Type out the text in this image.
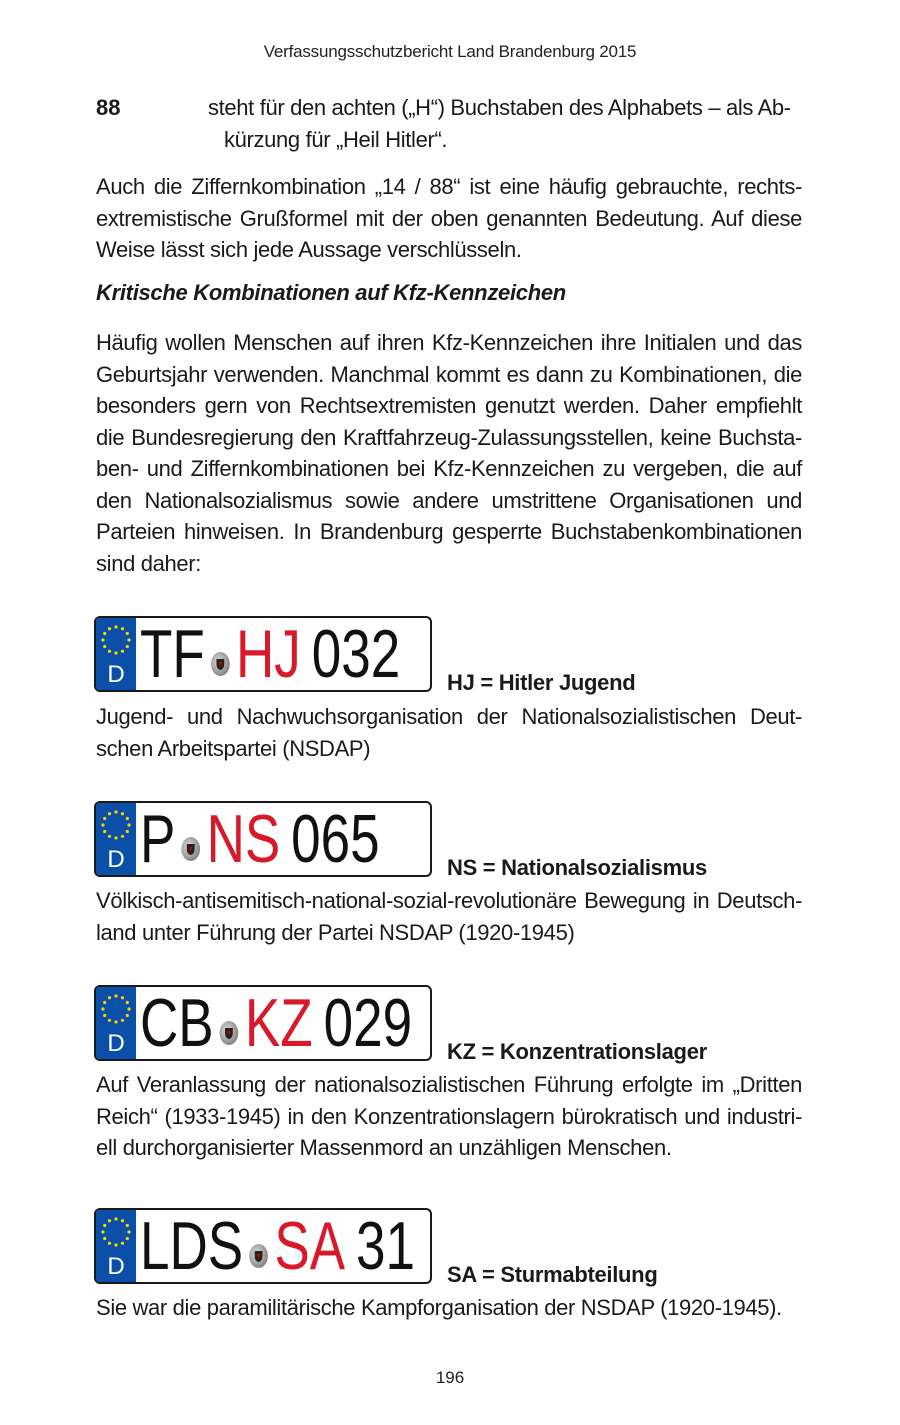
Verfassungsschutzbericht Land Brandenburg 2015
88	steht für den achten („H“) Buchstaben des Alphabets – als Ab-
kürzung für „Heil Hitler“.

Auch die Ziffernkombination „14 / 88“ ist eine häufig gebrauchte, rechts-extremistische Grußformel mit der oben genannten Bedeutung. Auf diese Weise lässt sich jede Aussage verschlüsseln.

Kritische Kombinationen auf Kfz-Kennzeichen

Häufig wollen Menschen auf ihren Kfz-Kennzeichen ihre Initialen und das Geburtsjahr verwenden. Manchmal kommt es dann zu Kombinationen, die besonders gern von Rechtsextremisten genutzt werden. Daher empfiehlt die Bundesregierung den Kraftfahrzeug-Zulassungsstellen, keine Buchsta-ben- und Ziffernkombinationen bei Kfz-Kennzeichen zu vergeben, die auf den Nationalsozialismus sowie andere umstrittene Organisationen und Parteien hinweisen. In Brandenburg gesperrte Buchstabenkombinationen sind daher:

D TF HJ 032 HJ = Hitler Jugend

Jugend- und Nachwuchsorganisation der Nationalsozialistischen Deut-schen Arbeitspartei (NSDAP)

D P NS 065	NS = Nationalsozialismus

Völkisch-antisemitisch-national-sozial-revolutionäre Bewegung in Deutsch-land unter Führung der Partei NSDAP (1920-1945)

D CB KZ 029 KZ = Konzentrationslager

Auf Veranlassung der nationalsozialistischen Führung erfolgte im „Dritten Reich“ (1933-1945) in den Konzentrationslagern bürokratisch und industri-ell durchorganisierter Massenmord an unzähligen Menschen.

D LDS SA 31 SA = Sturmabteilung

Sie war die paramilitärische Kampforganisation der NSDAP (1920-1945).

196
